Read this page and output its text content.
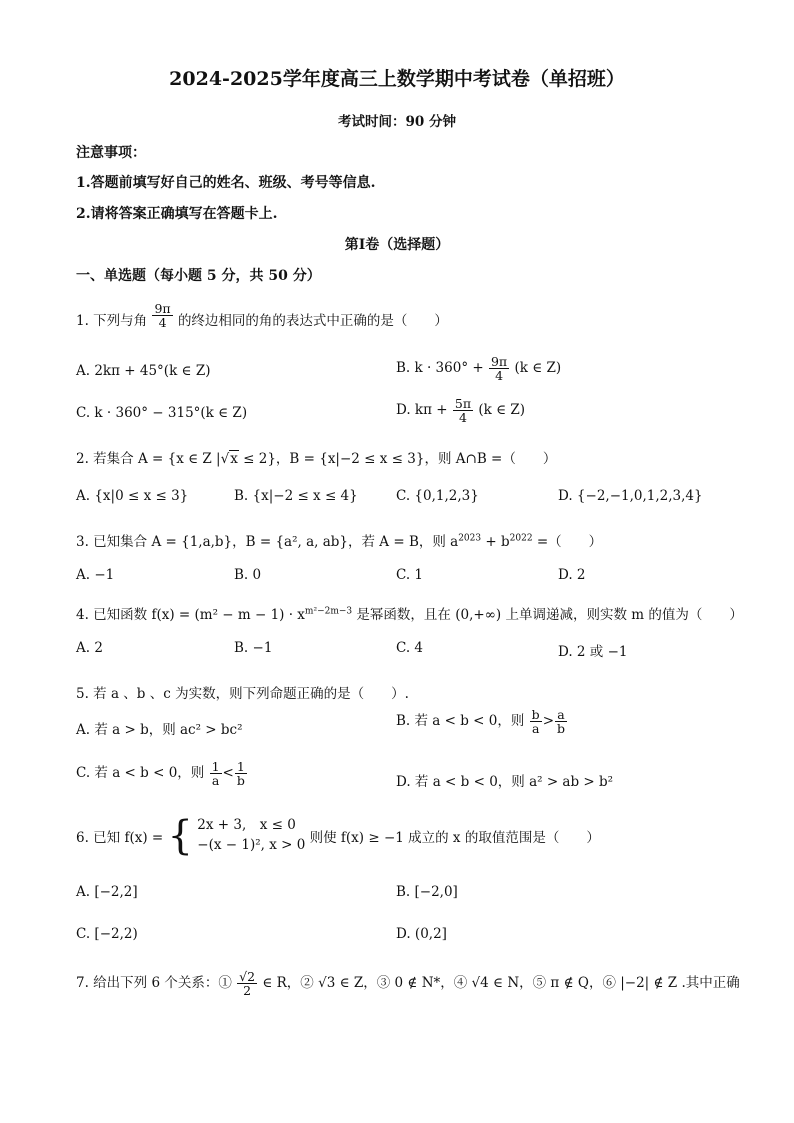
2024-2025学年度高三上数学期中考试卷（单招班）
考试时间：90 分钟
注意事项：
1.答题前填写好自己的姓名、班级、考号等信息.
2.请将答案正确填写在答题卡上.
第Ⅰ卷（选择题）
一、单选题（每小题 5 分，共 50 分）
1. 下列与角 $\frac{9\pi}{4}$ 的终边相同的角的表达式中正确的是（　　）
A. 2kπ + 45°(k ∈ Z)	B. $k \cdot 360^\circ + \frac{9\pi}{4} (k$ ∈ Z)
C. k · 360° − 315°(k ∈ Z)	D. $k\pi + \frac{5\pi}{4} (k$ ∈ Z)
2. 若集合 A = {x ∈ Z |√x ≤ 2}，B = {x|−2 ≤ x ≤ 3}，则 A∩B =（　　）
A. {x|0 ≤ x ≤ 3}	B. {x|−2 ≤ x ≤ 4}	C. {0,1,2,3}	D. {−2,−1,0,1,2,3,4}
3. 已知集合 A = {1,a,b}，B = {a², a, ab}，若 A = B，则 $a^{2023} + b^{2022}$ =（　　）
A. −1	B. 0	C. 1	D. 2
4. 已知函数 $f(x) = (m^2 - m - 1) \cdot x^{m^2-2m-3}$ 是幂函数，且在 (0,+∞) 上单调递减，则实数 m 的值为（　　）
A. 2	B. −1	C. 4	D. 2 或 −1
5. 若 a 、b 、c 为实数，则下列命题正确的是（　　）.
A. 若 a > b，则 ac² > bc²
B. 若 a < b < 0，则 $\frac{b}{a} > \frac{a}{b}$
C. 若 a < b < 0，则 $\frac{1}{a} < \frac{1}{b}$	D. 若 a < b < 0，则 a² > ab > b²
6. 已知 f(x) = { 2x + 3,　x ≤ 0
−(x − 1)², x > 0 则使 f(x) ≥ −1 成立的 x 的取值范围是（　　）
A. [−2,2]	B. [−2,0]
C. [−2,2)	D. (0,2]
7. 给出下列 6 个关系：① $\frac{√2}{2}$ ∈ R，② √3 ∈ Z，③ 0 ∉ N*，④ √4 ∈ N，⑤ π ∉ Q，⑥ |−2| ∉ Z .其中正确
